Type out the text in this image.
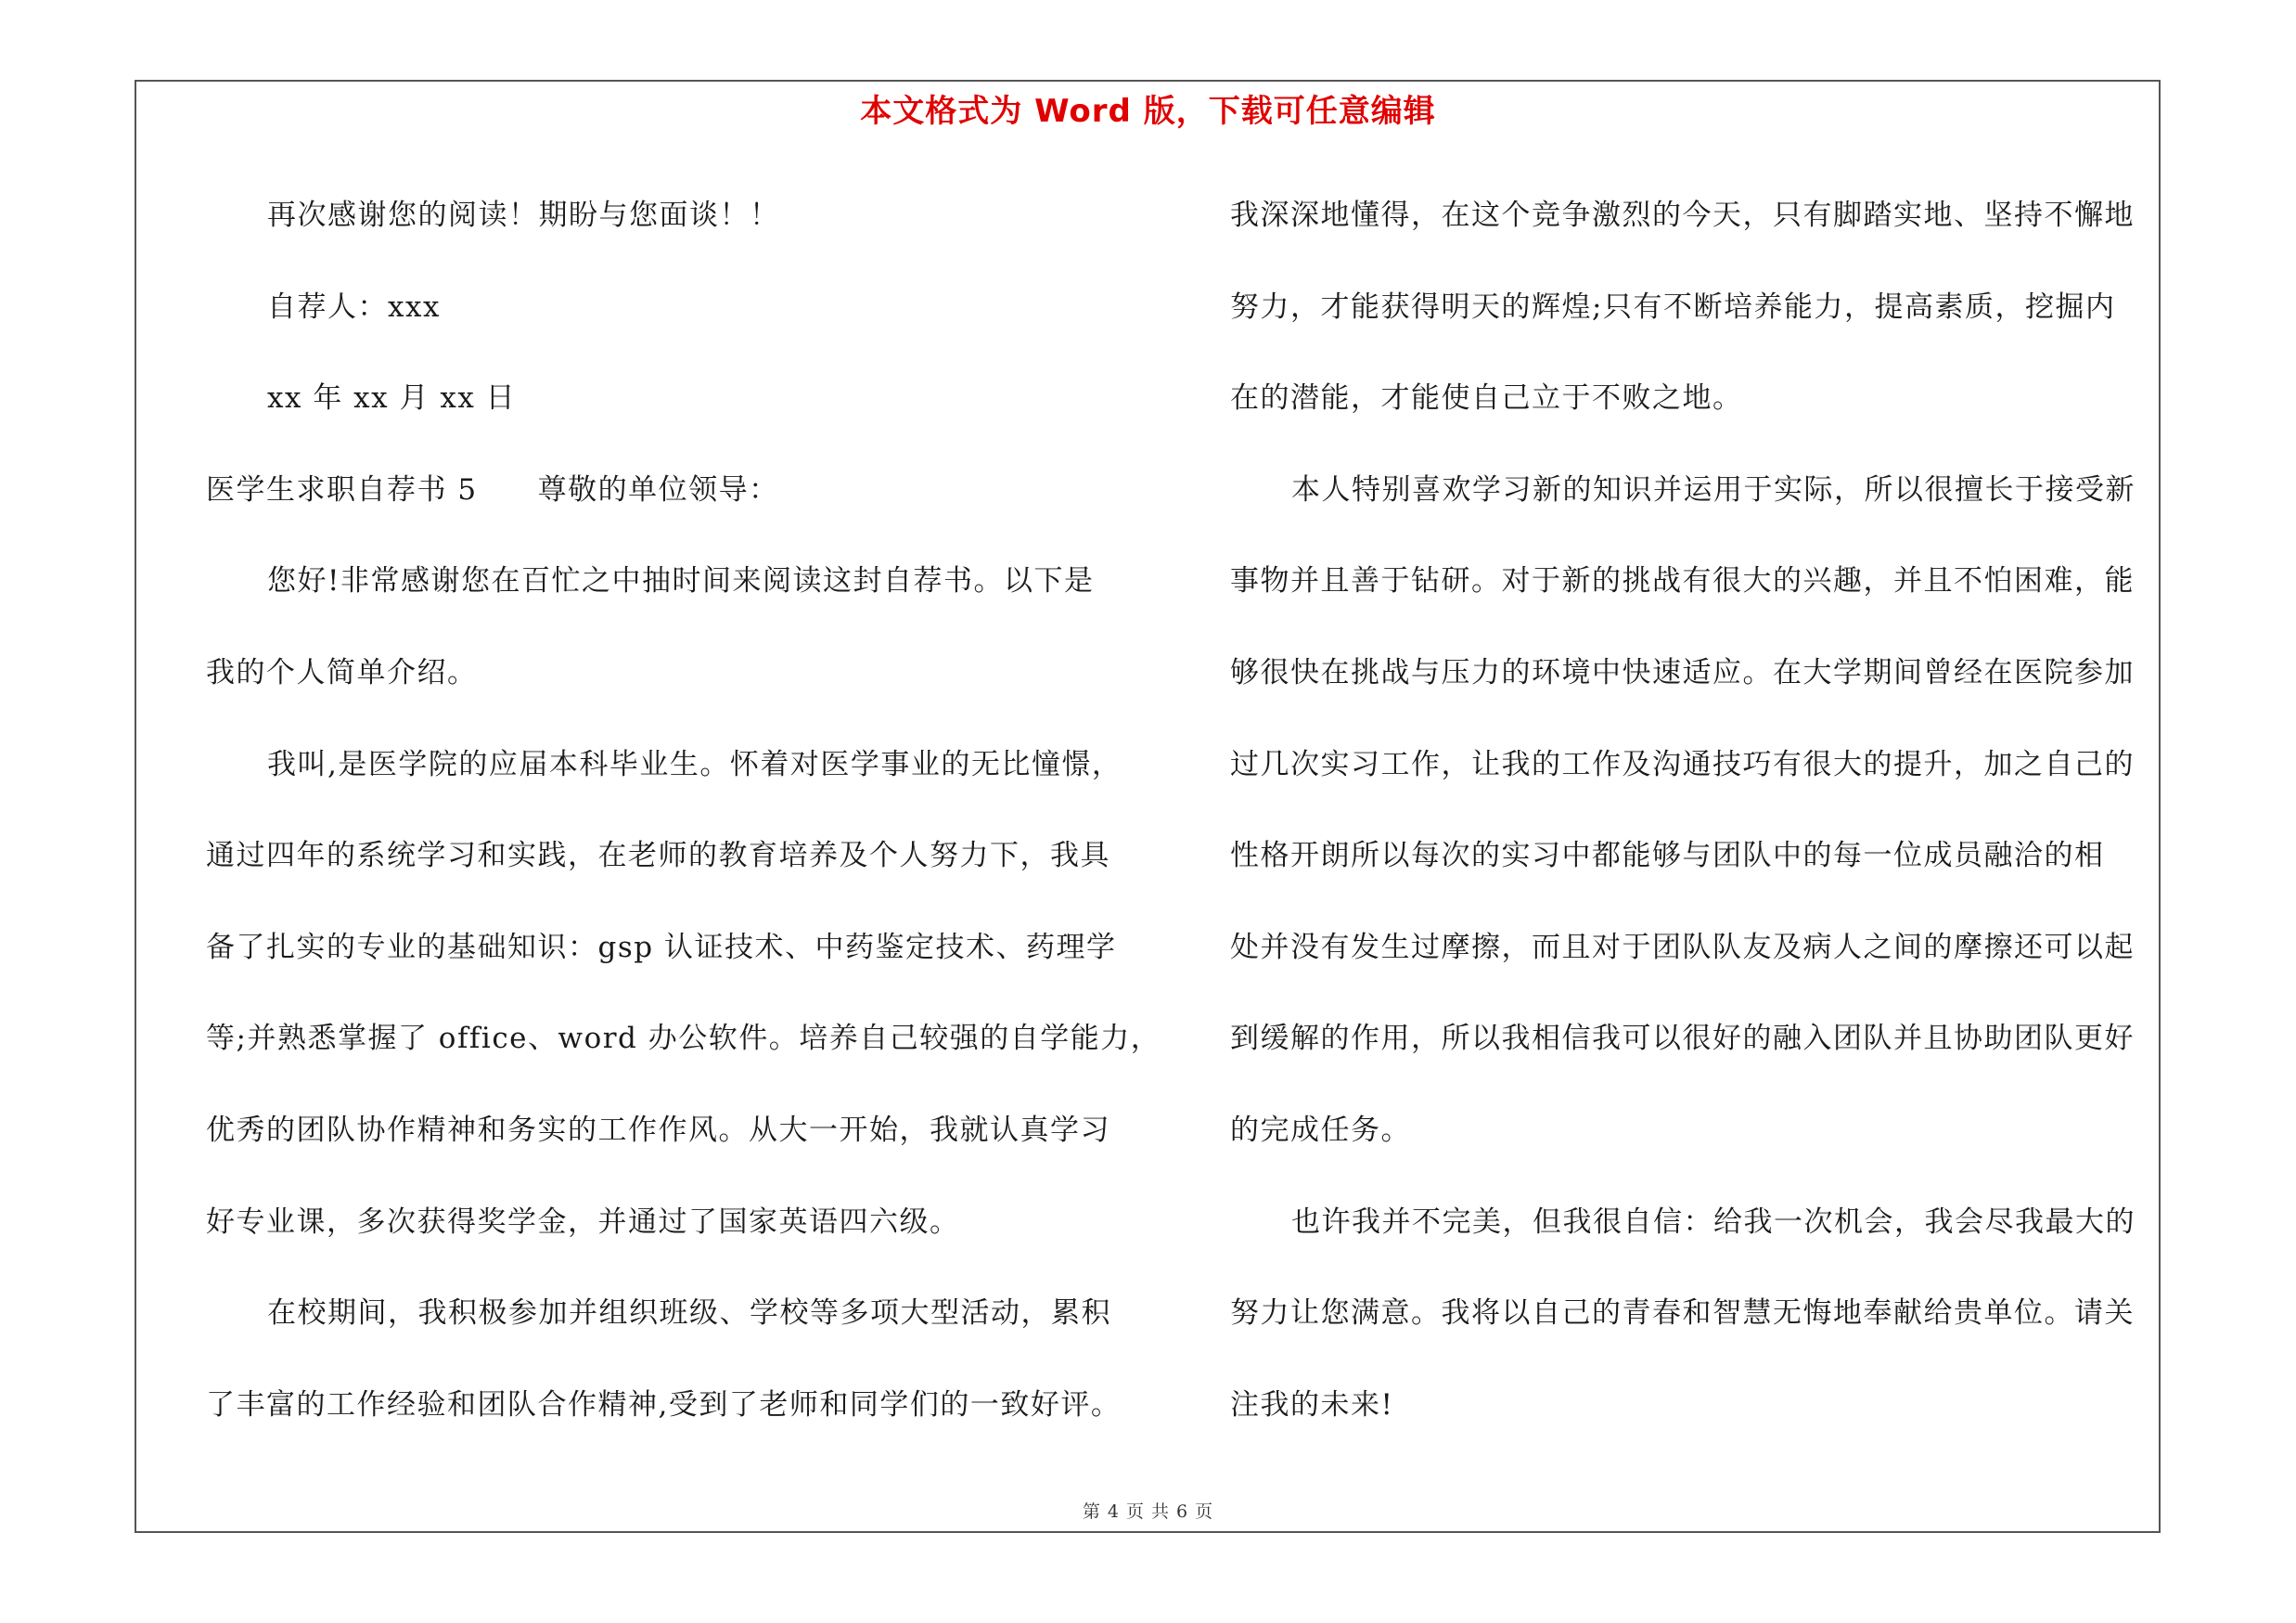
本文格式为 Word 版，下载可任意编辑
再次感谢您的阅读！期盼与您面谈！！
自荐人：xxx
xx 年 xx 月 xx 日
医学生求职自荐书 5　　尊敬的单位领导：
您好!非常感谢您在百忙之中抽时间来阅读这封自荐书。以下是
我的个人简单介绍。
我叫,是医学院的应届本科毕业生。怀着对医学事业的无比憧憬，
通过四年的系统学习和实践，在老师的教育培养及个人努力下，我具
备了扎实的专业的基础知识：gsp 认证技术、中药鉴定技术、药理学
等;并熟悉掌握了 office、word 办公软件。培养自己较强的自学能力，
优秀的团队协作精神和务实的工作作风。从大一开始，我就认真学习
好专业课，多次获得奖学金，并通过了国家英语四六级。
在校期间，我积极参加并组织班级、学校等多项大型活动，累积
了丰富的工作经验和团队合作精神,受到了老师和同学们的一致好评。
我深深地懂得，在这个竞争激烈的今天，只有脚踏实地、坚持不懈地
努力，才能获得明天的辉煌;只有不断培养能力，提高素质，挖掘内
在的潜能，才能使自己立于不败之地。
本人特别喜欢学习新的知识并运用于实际，所以很擅长于接受新
事物并且善于钻研。对于新的挑战有很大的兴趣，并且不怕困难，能
够很快在挑战与压力的环境中快速适应。在大学期间曾经在医院参加
过几次实习工作，让我的工作及沟通技巧有很大的提升，加之自己的
性格开朗所以每次的实习中都能够与团队中的每一位成员融洽的相
处并没有发生过摩擦，而且对于团队队友及病人之间的摩擦还可以起
到缓解的作用，所以我相信我可以很好的融入团队并且协助团队更好
的完成任务。
也许我并不完美，但我很自信：给我一次机会，我会尽我最大的
努力让您满意。我将以自己的青春和智慧无悔地奉献给贵单位。请关
注我的未来!
第 4 页 共 6 页
